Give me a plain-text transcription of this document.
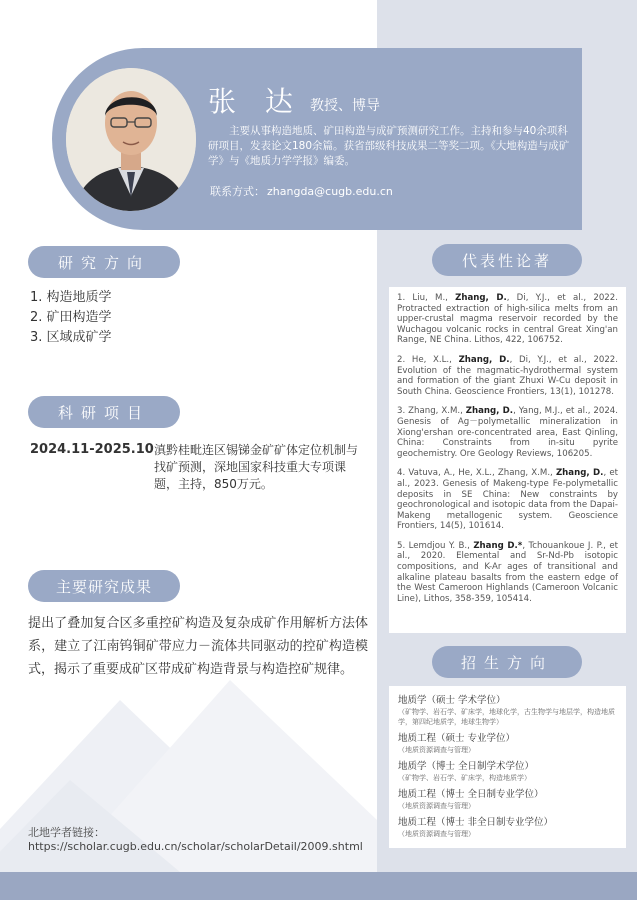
张 达 教授、博导
主要从事构造地质、矿田构造与成矿预测研究工作。主持和参与40余项科研项目，发表论文180余篇。获省部级科技成果二等奖二项。《大地构造与成矿学》与《地质力学学报》编委。
联系方式： zhangda@cugb.edu.cn
研究方向
1. 构造地质学
2. 矿田构造学
3. 区域成矿学
科研项目
2024.11-2025.10 滇黔桂毗连区锡锑金矿矿体定位机制与找矿预测，深地国家科技重大专项课题，主持，850万元。
主要研究成果
提出了叠加复合区多重控矿构造及复杂成矿作用解析方法体系，建立了江南钨铜矿带应力－流体共同驱动的控矿构造模式，揭示了重要成矿区带成矿构造背景与构造控矿规律。
北地学者链接：
https://scholar.cugb.edu.cn/scholar/scholarDetail/2009.shtml
代表性论著
1. Liu, M., Zhang, D., Di, Y.J., et al., 2022. Protracted extraction of high-silica melts from an upper-crustal magma reservoir recorded by the Wuchagou volcanic rocks in central Great Xing'an Range, NE China. Lithos, 422, 106752.
2. He, X.L., Zhang, D., Di, Y.J., et al., 2022. Evolution of the magmatic-hydrothermal system and formation of the giant Zhuxi W-Cu deposit in South China. Geoscience Frontiers, 13(1), 101278.
3. Zhang, X.M., Zhang, D., Yang, M.J., et al., 2024. Genesis of Ag－polymetallic mineralization in Xiong'ershan ore-concentrated area, East Qinling, China: Constraints from in-situ pyrite geochemistry. Ore Geology Reviews, 106205.
4. Vatuva, A., He, X.L., Zhang, X.M., Zhang, D., et al., 2023. Genesis of Makeng-type Fe-polymetallic deposits in SE China: New constraints by geochronological and isotopic data from the Dapai-Makeng metallogenic system. Geoscience Frontiers, 14(5), 101614.
5. Lemdjou Y. B., Zhang D.*, Tchouankoue J. P., et al., 2020. Elemental and Sr-Nd-Pb isotopic compositions, and K-Ar ages of transitional and alkaline plateau basalts from the eastern edge of the West Cameroon Highlands (Cameroon Volcanic Line), Lithos, 358-359, 105414.
招生方向
地质学（硕士 学术学位）
（矿物学、岩石学、矿床学，地球化学，古生物学与地层学，构造地质学，第四纪地质学，地球生物学）
地质工程（硕士 专业学位）
（地质资源调查与管理）
地质学（博士 全日制学术学位）
（矿物学、岩石学、矿床学，构造地质学）
地质工程（博士 全日制专业学位）
（地质资源调查与管理）
地质工程（博士 非全日制专业学位）
（地质资源调查与管理）
